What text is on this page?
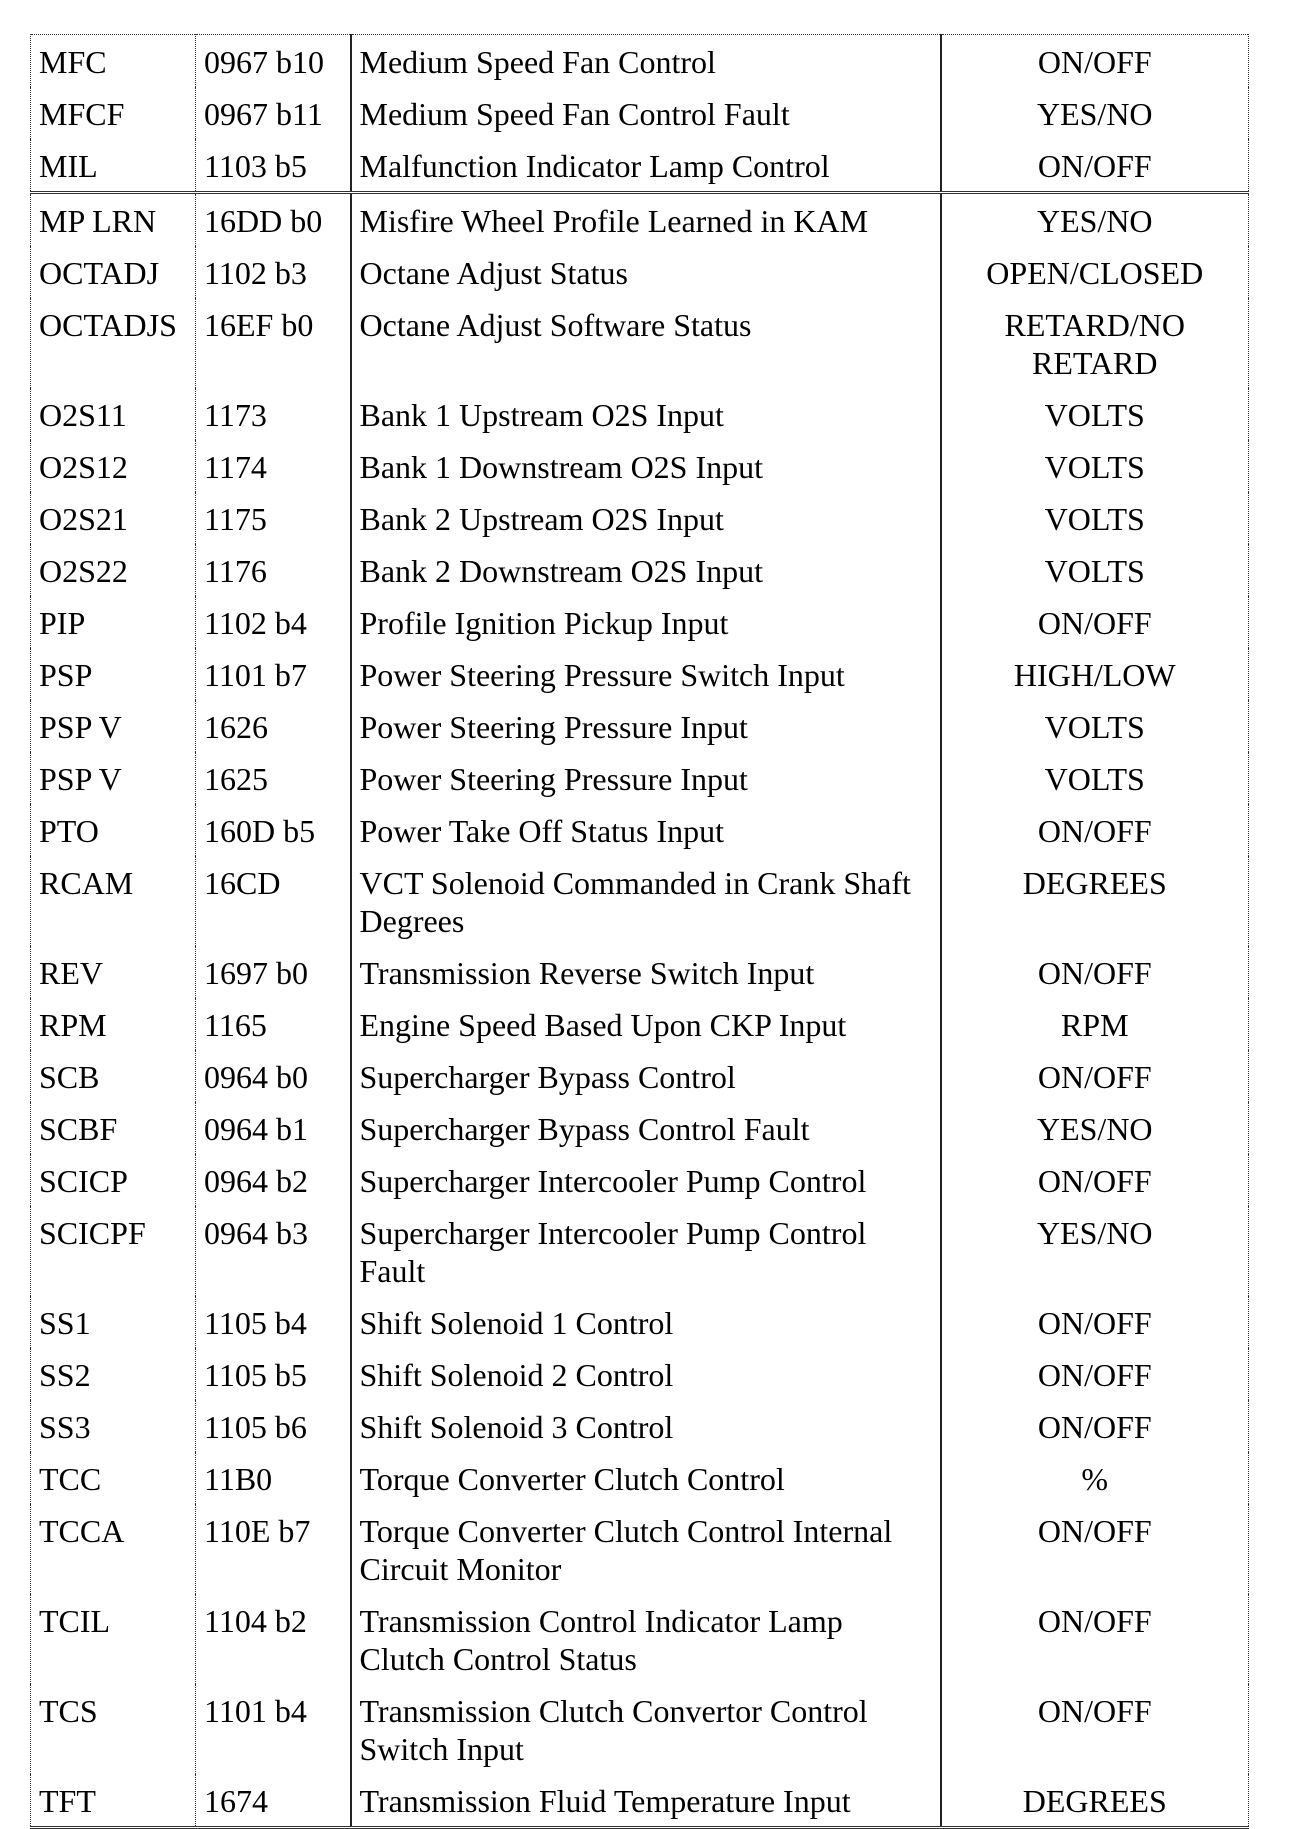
MFC	0967 b10	Medium Speed Fan Control	ON/OFF
MFCF	0967 b11	Medium Speed Fan Control Fault	YES/NO
MIL	1103 b5	Malfunction Indicator Lamp Control	ON/OFF
MP LRN	16DD b0	Misfire Wheel Profile Learned in KAM	YES/NO
OCTADJ	1102 b3	Octane Adjust Status	OPEN/CLOSED
OCTADJS	16EF b0	Octane Adjust Software Status	RETARD/NO RETARD
O2S11	1173	Bank 1 Upstream O2S Input	VOLTS
O2S12	1174	Bank 1 Downstream O2S Input	VOLTS
O2S21	1175	Bank 2 Upstream O2S Input	VOLTS
O2S22	1176	Bank 2 Downstream O2S Input	VOLTS
PIP	1102 b4	Profile Ignition Pickup Input	ON/OFF
PSP	1101 b7	Power Steering Pressure Switch Input	HIGH/LOW
PSP V	1626	Power Steering Pressure Input	VOLTS
PSP V	1625	Power Steering Pressure Input	VOLTS
PTO	160D b5	Power Take Off Status Input	ON/OFF
RCAM	16CD	VCT Solenoid Commanded in Crank Shaft Degrees	DEGREES
REV	1697 b0	Transmission Reverse Switch Input	ON/OFF
RPM	1165	Engine Speed Based Upon CKP Input	RPM
SCB	0964 b0	Supercharger Bypass Control	ON/OFF
SCBF	0964 b1	Supercharger Bypass Control Fault	YES/NO
SCICP	0964 b2	Supercharger Intercooler Pump Control	ON/OFF
SCICPF	0964 b3	Supercharger Intercooler Pump Control Fault	YES/NO
SS1	1105 b4	Shift Solenoid 1 Control	ON/OFF
SS2	1105 b5	Shift Solenoid 2 Control	ON/OFF
SS3	1105 b6	Shift Solenoid 3 Control	ON/OFF
TCC	11B0	Torque Converter Clutch Control	%
TCCA	110E b7	Torque Converter Clutch Control Internal Circuit Monitor	ON/OFF
TCIL	1104 b2	Transmission Control Indicator Lamp Clutch Control Status	ON/OFF
TCS	1101 b4	Transmission Clutch Convertor Control Switch Input	ON/OFF
TFT	1674	Transmission Fluid Temperature Input	DEGREES
